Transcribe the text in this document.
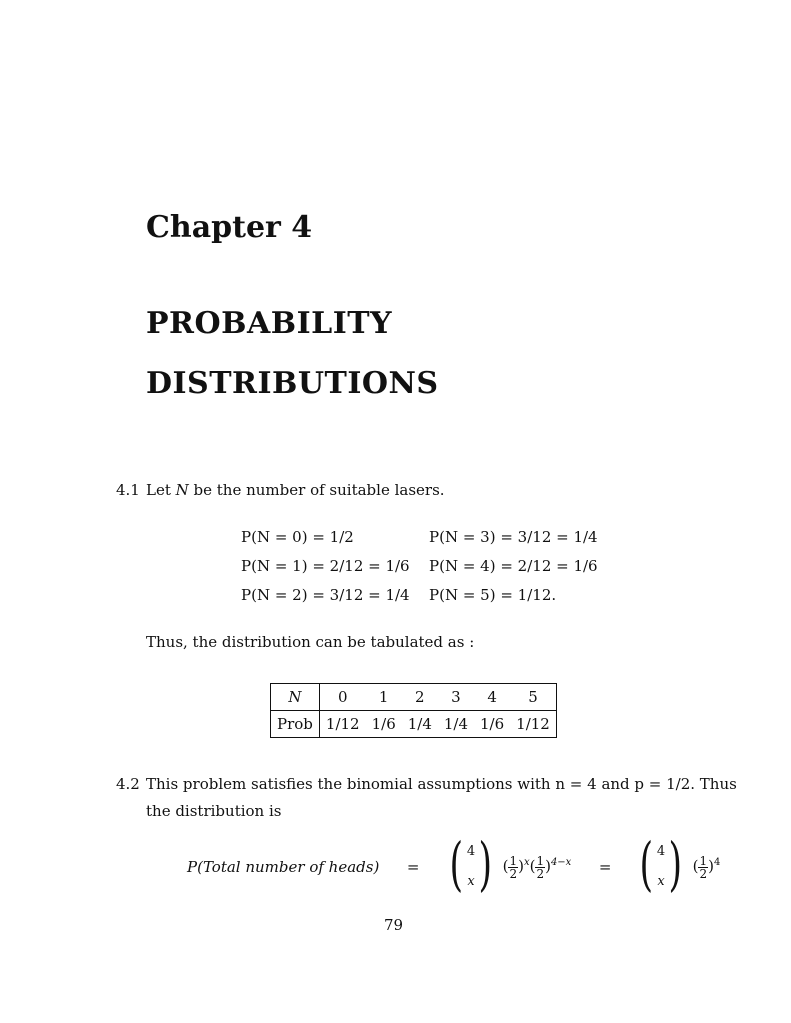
Chapter 4
PROBABILITY
DISTRIBUTIONS
4.1 Let N be the number of suitable lasers.
P(N = 0) = 1/2
P(N = 1) = 2/12 = 1/6
P(N = 2) = 3/12 = 1/4
P(N = 3) = 3/12 = 1/4
P(N = 4) = 2/12 = 1/6
P(N = 5) = 1/12.
Thus, the distribution can be tabulated as :
N	0	1	2	3	4	5
Prob	1/12	1/6	1/4	1/4	1/6	1/12
4.2 This problem satisfies the binomial assumptions with n = 4 and p = 1/2. Thus
the distribution is
P(Total number of heads) = ( 4
x ) ( $\frac{1}{2} )^x( \frac{1}{2} )^{4-x}$ = ( 4
x ) ( $\frac{1}{2} )^4$
79
